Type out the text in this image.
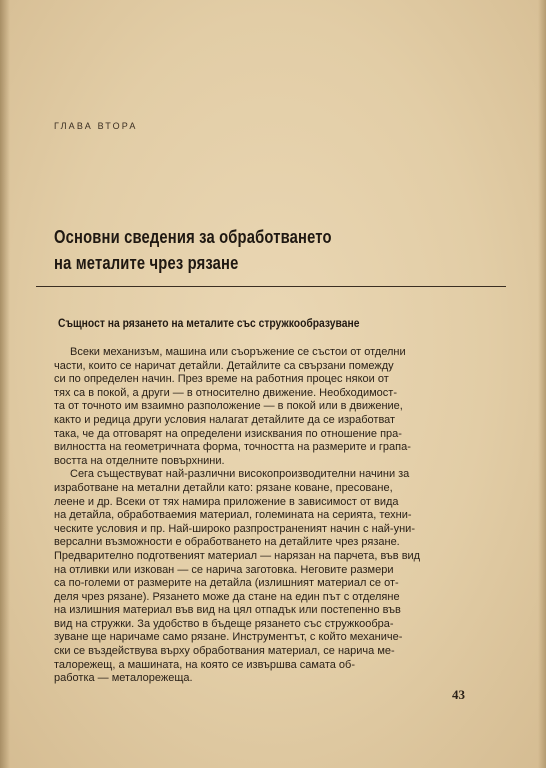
ГЛАВА ВТОРА
Основни сведения за обработването
на металите чрез рязане
Същност на рязането на металите със стружкообразуване
Всеки механизъм, машина или съоръжение се състои от отделни
части, които се наричат детайли. Детайлите са свързани помежду
си по определен начин. През време на работния процес някои от
тях са в покой, а други — в относително движение. Необходимост-
та от точното им взаимно разположение — в покой или в движение,
както и редица други условия налагат детайлите да се изработват
така, че да отговарят на определени изисквания по отношение пра-
вилността на геометричната форма, точността на размерите и грапа-
востта на отделните повърхнини.
Сега съществуват най-различни високопроизводителни начини за
изработване на метални детайли като: рязане коване, пресоване,
леене и др. Всеки от тях намира приложение в зависимост от вида
на детайла, обработваемия материал, големината на серията, техни-
ческите условия и пр. Най-широко разпространеният начин с най-уни-
версални възможности е обработването на детайлите чрез рязане.
Предварително подготвеният материал — нарязан на парчета, във вид
на отливки или изкован — се нарича заготовка. Неговите размери
са по-големи от размерите на детайла (излишният материал се от-
деля чрез рязане). Рязането може да стане на един път с отделяне
на излишния материал във вид на цял отпадък или постепенно във
вид на стружки. За удобство в бъдеще рязането със стружкообра-
зуване ще наричаме само рязане. Инструментът, с който механиче-
ски се въздействува върху обработвания материал, се нарича ме-
талорежещ, а машината, на която се извършва самата об-
работка — металорежеща.
43
